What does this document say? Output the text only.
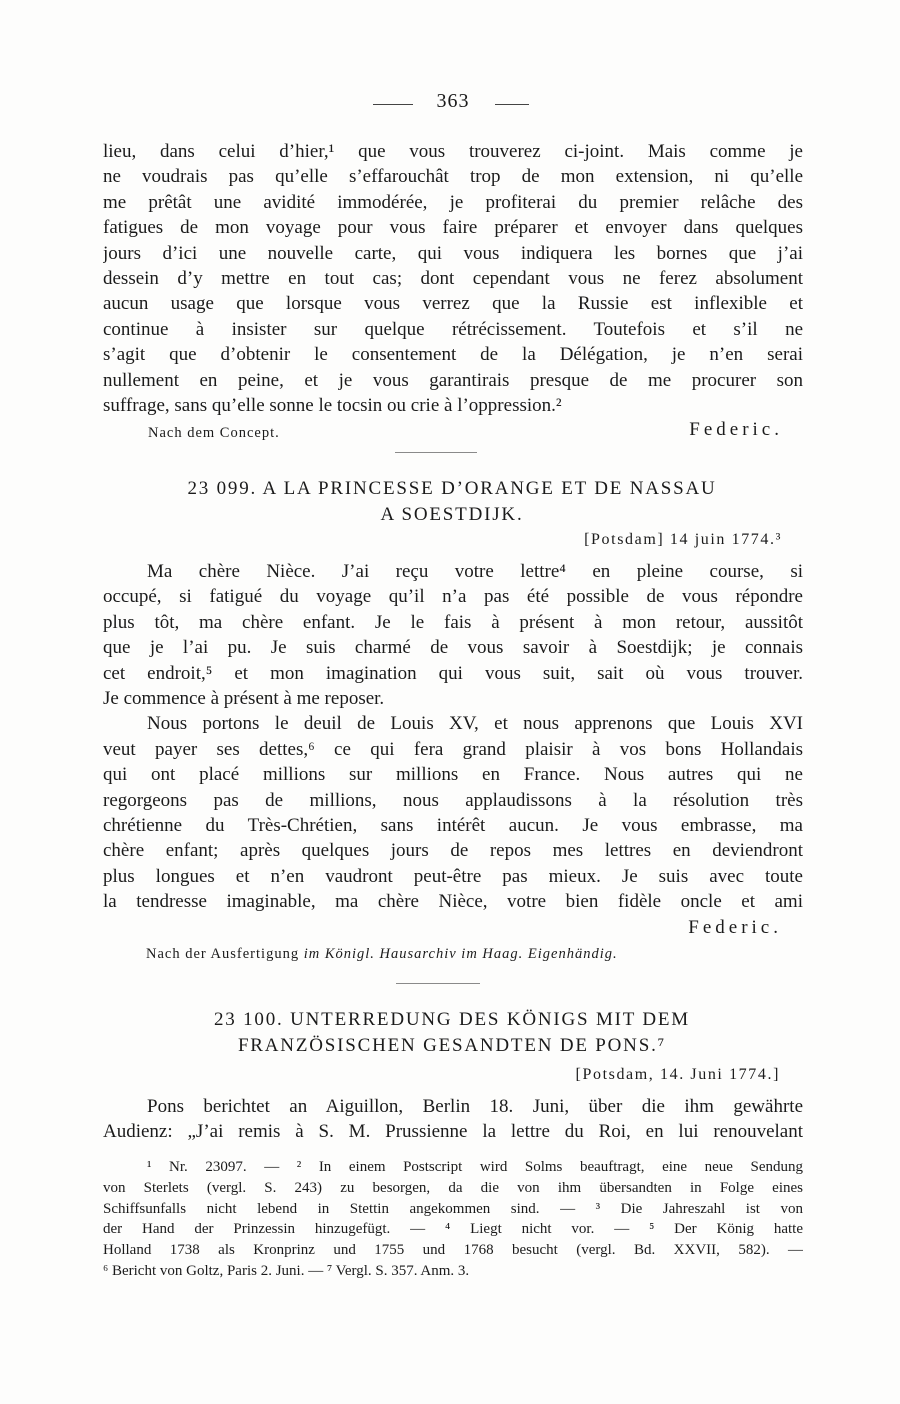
363
lieu, dans celui d’hier,¹ que vous trouverez ci-joint. Mais comme je
ne voudrais pas qu’elle s’effarouchât trop de mon extension, ni qu’elle
me prêtât une avidité immodérée, je profiterai du premier relâche des
fatigues de mon voyage pour vous faire préparer et envoyer dans quelques
jours d’ici une nouvelle carte, qui vous indiquera les bornes que j’ai
dessein d’y mettre en tout cas; dont cependant vous ne ferez absolument
aucun usage que lorsque vous verrez que la Russie est inflexible et
continue à insister sur quelque rétrécissement. Toutefois et s’il ne
s’agit que d’obtenir le consentement de la Délégation, je n’en serai
nullement en peine, et je vous garantirais presque de me procurer son
suffrage, sans qu’elle sonne le tocsin ou crie à l’oppression.²
Nach dem Concept.	Federic.
23 099. A LA PRINCESSE D’ORANGE ET DE NASSAU
A SOESTDIJK.
[Potsdam] 14 juin 1774.³
Ma chère Nièce. J’ai reçu votre lettre⁴ en pleine course, si
occupé, si fatigué du voyage qu’il n’a pas été possible de vous répondre
plus tôt, ma chère enfant. Je le fais à présent à mon retour, aussitôt
que je l’ai pu. Je suis charmé de vous savoir à Soestdijk; je connais
cet endroit,⁵ et mon imagination qui vous suit, sait où vous trouver.
Je commence à présent à me reposer.
Nous portons le deuil de Louis XV, et nous apprenons que Louis XVI
veut payer ses dettes,⁶ ce qui fera grand plaisir à vos bons Hollandais
qui ont placé millions sur millions en France. Nous autres qui ne
regorgeons pas de millions, nous applaudissons à la résolution très
chrétienne du Très-Chrétien, sans intérêt aucun. Je vous embrasse, ma
chère enfant; après quelques jours de repos mes lettres en deviendront
plus longues et n’en vaudront peut-être pas mieux. Je suis avec toute
la tendresse imaginable, ma chère Nièce, votre bien fidèle oncle et ami
Federic.
Nach der Ausfertigung im Königl. Hausarchiv im Haag. Eigenhändig.
23 100. UNTERREDUNG DES KÖNIGS MIT DEM
FRANZÖSISCHEN GESANDTEN DE PONS.⁷
[Potsdam, 14. Juni 1774.]
Pons berichtet an Aiguillon, Berlin 18. Juni, über die ihm gewährte
Audienz: „J’ai remis à S. M. Prussienne la lettre du Roi, en lui renouvelant
¹ Nr. 23097. — ² In einem Postscript wird Solms beauftragt, eine neue Sendung
von Sterlets (vergl. S. 243) zu besorgen, da die von ihm übersandten in Folge eines
Schiffsunfalls nicht lebend in Stettin angekommen sind. — ³ Die Jahreszahl ist von
der Hand der Prinzessin hinzugefügt. — ⁴ Liegt nicht vor. — ⁵ Der König hatte
Holland 1738 als Kronprinz und 1755 und 1768 besucht (vergl. Bd. XXVII, 582). —
⁶ Bericht von Goltz, Paris 2. Juni. — ⁷ Vergl. S. 357. Anm. 3.
